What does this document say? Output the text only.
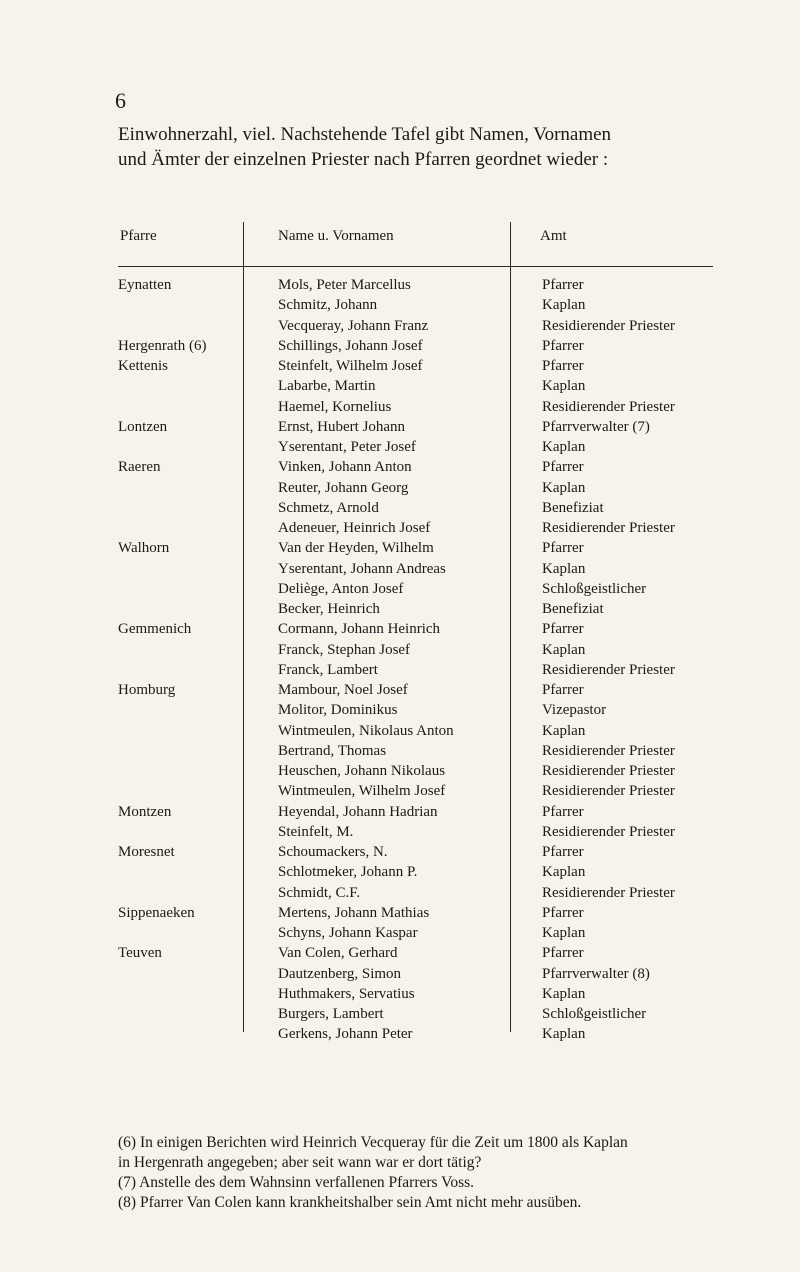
6
Einwohnerzahl, viel. Nachstehende Tafel gibt Namen, Vornamen
und Ämter der einzelnen Priester nach Pfarren geordnet wieder :
Pfarre	Name u. Vornamen	Amt
Eynatten	Mols, Peter Marcellus	Pfarrer
Schmitz, Johann	Kaplan
Vecqueray, Johann Franz	Residierender Priester
Hergenrath (6)	Schillings, Johann Josef	Pfarrer
Kettenis	Steinfelt, Wilhelm Josef	Pfarrer
Labarbe, Martin	Kaplan
Haemel, Kornelius	Residierender Priester
Lontzen	Ernst, Hubert Johann	Pfarrverwalter (7)
Yserentant, Peter Josef	Kaplan
Raeren	Vinken, Johann Anton	Pfarrer
Reuter, Johann Georg	Kaplan
Schmetz, Arnold	Benefiziat
Adeneuer, Heinrich Josef	Residierender Priester
Walhorn	Van der Heyden, Wilhelm	Pfarrer
Yserentant, Johann Andreas	Kaplan
Deliège, Anton Josef	Schloßgeistlicher
Becker, Heinrich	Benefiziat
Gemmenich	Cormann, Johann Heinrich	Pfarrer
Franck, Stephan Josef	Kaplan
Franck, Lambert	Residierender Priester
Homburg	Mambour, Noel Josef	Pfarrer
Molitor, Dominikus	Vizepastor
Wintmeulen, Nikolaus Anton	Kaplan
Bertrand, Thomas	Residierender Priester
Heuschen, Johann Nikolaus	Residierender Priester
Wintmeulen, Wilhelm Josef	Residierender Priester
Montzen	Heyendal, Johann Hadrian	Pfarrer
Steinfelt, M.	Residierender Priester
Moresnet	Schoumackers, N.	Pfarrer
Schlotmeker, Johann P.	Kaplan
Schmidt, C.F.	Residierender Priester
Sippenaeken	Mertens, Johann Mathias	Pfarrer
Schyns, Johann Kaspar	Kaplan
Teuven	Van Colen, Gerhard	Pfarrer
Dautzenberg, Simon	Pfarrverwalter (8)
Huthmakers, Servatius	Kaplan
Burgers, Lambert	Schloßgeistlicher
Gerkens, Johann Peter	Kaplan
(6) In einigen Berichten wird Heinrich Vecqueray für die Zeit um 1800 als Kaplan
in Hergenrath angegeben; aber seit wann war er dort tätig?
(7) Anstelle des dem Wahnsinn verfallenen Pfarrers Voss.
(8) Pfarrer Van Colen kann krankheitshalber sein Amt nicht mehr ausüben.
